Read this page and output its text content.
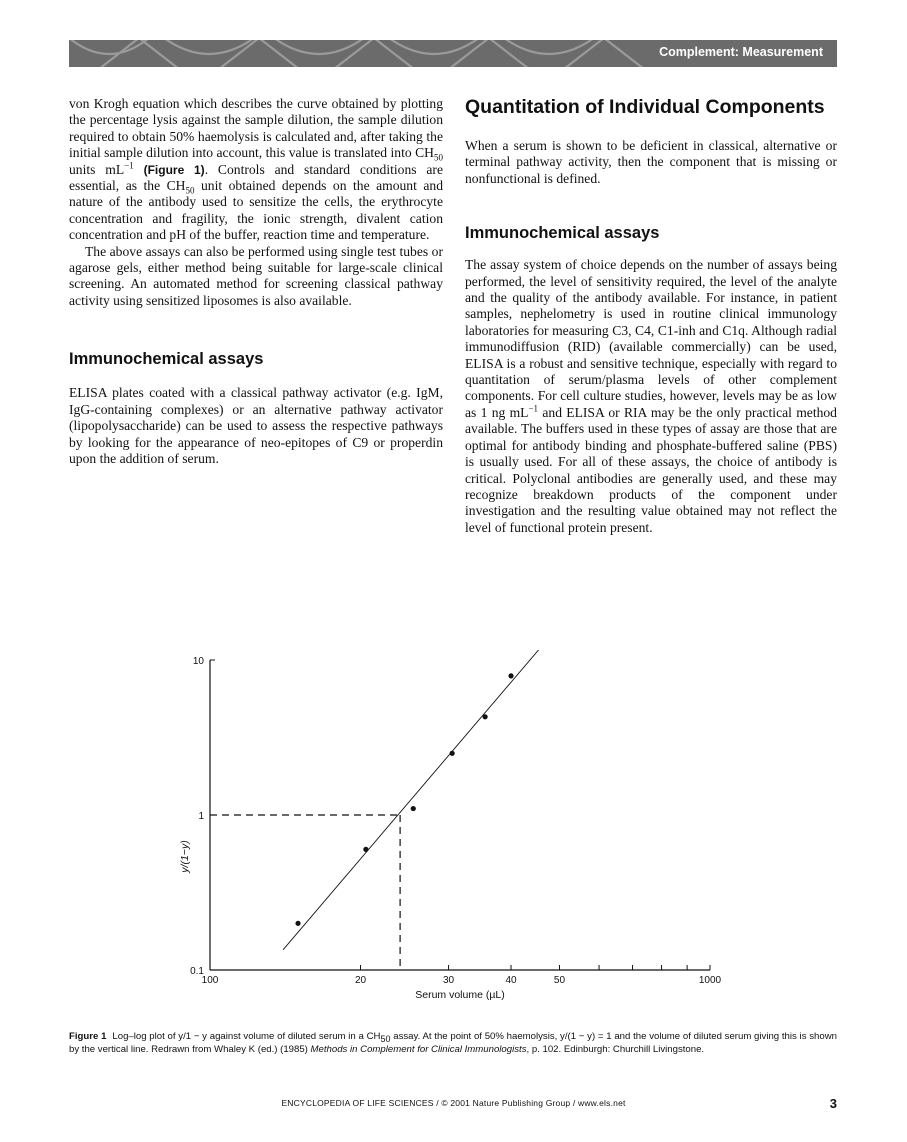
Complement: Measurement

von Krogh equation which describes the curve obtained by plotting the percentage lysis against the sample dilution, the sample dilution required to obtain 50% haemolysis is calculated and, after taking the initial sample dilution into account, this value is translated into $CH_{50}$ units $mL^{-1}$ (Figure 1). Controls and standard conditions are essential, as the $CH_{50}$ unit obtained depends on the amount and nature of the antibody used to sensitize the cells, the erythrocyte concentration and fragility, the ionic strength, divalent cation concentration and pH of the buffer, reaction time and temperature.

The above assays can also be performed using single test tubes or agarose gels, either method being suitable for large-scale clinical screening. An automated method for screening classical pathway activity using sensitized liposomes is also available.

Immunochemical assays

ELISA plates coated with a classical pathway activator (e.g. IgM, IgG-containing complexes) or an alternative pathway activator (lipopolysaccharide) can be used to assess the respective pathways by looking for the appearance of neo-epitopes of C9 or properdin upon the addition of serum.

Quantitation of Individual Components

When a serum is shown to be deficient in classical, alternative or terminal pathway activity, then the component that is missing or nonfunctional is defined.

Immunochemical assays

The assay system of choice depends on the number of assays being performed, the level of sensitivity required, the level of the analyte and the quality of the antibody available. For instance, in patient samples, nephelometry is used in routine clinical immunology laboratories for measuring C3, C4, C1-inh and C1q. Although radial immunodiffusion (RID) (available commercially) can be used, ELISA is a robust and sensitive technique, especially with regard to quantitation of serum/plasma levels of other complement components. For cell culture studies, however, levels may be as low as 1 ng $mL^{-1}$ and ELISA or RIA may be the only practical method available. The buffers used in these types of assay are those that are optimal for antibody binding and phosphate-buffered saline (PBS) is usually used. For all of these assays, the choice of antibody is critical. Polyclonal antibodies are generally used, and these may recognize breakdown products of the component under investigation and the resulting value obtained may not reflect the level of functional protein present.

100	20	30	40	50	1000
0.1
1
10
Serum volume (µL)
y/(1−y)
Figure 1 Log–log plot of y/1 − y against volume of diluted serum in a $CH_{50}$ assay. At the point of 50% haemolysis, y/(1 − y) = 1 and the volume of diluted serum giving this is shown by the vertical line. Redrawn from Whaley K (ed.) (1985) Methods in Complement for Clinical Immunologists, p. 102. Edinburgh: Churchill Livingstone.
ENCYCLOPEDIA OF LIFE SCIENCES / © 2001 Nature Publishing Group / www.els.net	3
